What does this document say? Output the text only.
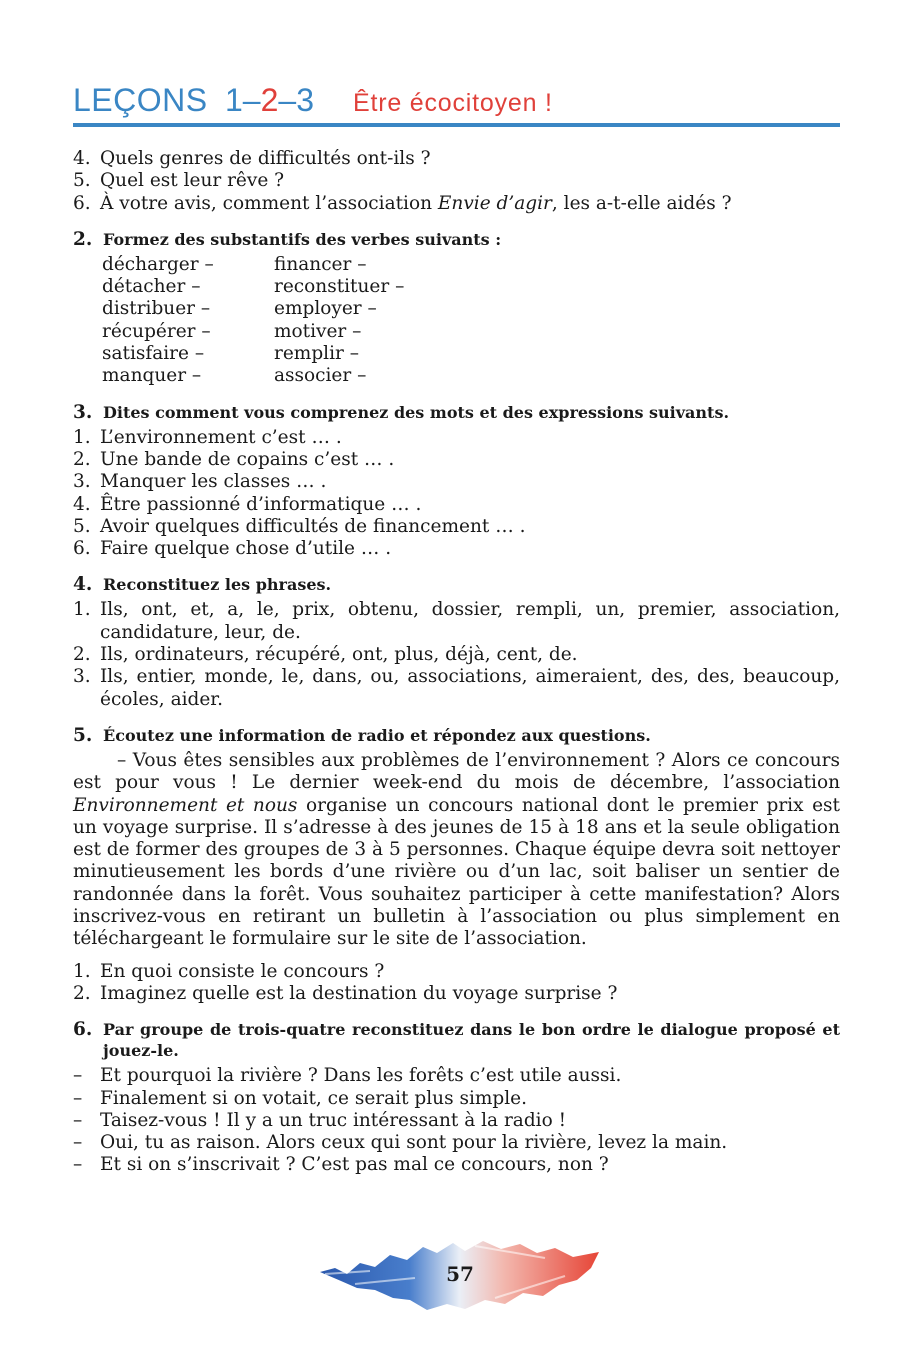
LEÇONS 1–2–3 Être écocitoyen !
4. Quels genres de difficultés ont-ils ?
5. Quel est leur rêve ?
6. À votre avis, comment l’association Envie d’agir, les a-t-elle aidés ?
2. Formez des substantifs des verbes suivants :
décharger –	financer –
détacher –	reconstituer –
distribuer –	employer –
récupérer –	motiver –
satisfaire –	remplir –
manquer –	associer –
3. Dites comment vous comprenez des mots et des expressions suivants.
1. L’environnement c’est … .
2. Une bande de copains c’est … .
3. Manquer les classes … .
4. Être passionné d’informatique … .
5. Avoir quelques difficultés de financement … .
6. Faire quelque chose d’utile … .
4. Reconstituez les phrases.
1. Ils, ont, et, a, le, prix, obtenu, dossier, rempli, un, premier, association, candidature, leur, de.
2. Ils, ordinateurs, récupéré, ont, plus, déjà, cent, de.
3. Ils, entier, monde, le, dans, ou, associations, aimeraient, des, des, beaucoup, écoles, aider.
5. Écoutez une information de radio et répondez aux questions.
– Vous êtes sensibles aux problèmes de l’environnement ? Alors ce concours est pour vous ! Le dernier week-end du mois de décembre, l’association Environnement et nous organise un concours national dont le premier prix est un voyage surprise. Il s’adresse à des jeunes de 15 à 18 ans et la seule obligation est de former des groupes de 3 à 5 personnes. Chaque équipe devra soit nettoyer minutieusement les bords d’une rivière ou d’un lac, soit baliser un sentier de randonnée dans la forêt. Vous souhaitez participer à cette manifestation? Alors inscrivez-vous en retirant un bulletin à l’association ou plus simplement en téléchargeant le formulaire sur le site de l’association.
1. En quoi consiste le concours ?
2. Imaginez quelle est la destination du voyage surprise ?
6. Par groupe de trois-quatre reconstituez dans le bon ordre le dialogue proposé et jouez-le.
– Et pourquoi la rivière ? Dans les forêts c’est utile aussi.
– Finalement si on votait, ce serait plus simple.
– Taisez-vous ! Il y a un truc intéressant à la radio !
– Oui, tu as raison. Alors ceux qui sont pour la rivière, levez la main.
– Et si on s’inscrivait ? C’est pas mal ce concours, non ?
57
